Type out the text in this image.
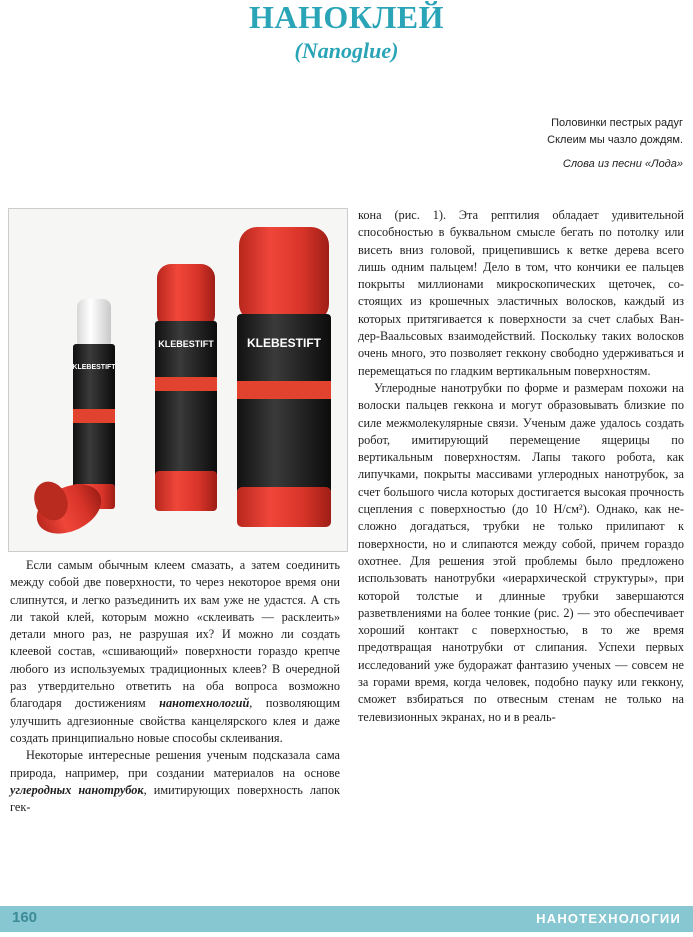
НАНОКЛЕЙ
(Nanoglue)
Половинки пестрых радуг
Склеим мы чазло дождям.
Слова из песни «Лода»
KLEBESTIFT
KLEBESTIFT	KLEBESTIFT

Если самым обычным клеем смазать, а затем соединить между собой две поверхности, то через некоторое время они слипнутся, и легко разъединить их вам уже не удастся. А сть ли такой клей, которым можно «склеивать — расклеить» детали много раз, не разрушая их? И можно ли создать клеевой состав, «сшивающий» поверхности гораздо крепче любого из используемых традиционных клеев? В очередной раз утвердительно ответить на оба вопроса возможно благодаря достижениям нанотехнологий, позволяющим улучшить адгезионные свойства канцелярского клея и даже создать принципиально новые способы склеивания.

Некоторые интересные решения ученым подсказала сама природа, например, при создании материалов на основе углеродных нанотрубок, имитирующих поверхность лапок гек-

кона (рис. 1). Эта рептилия обладает удивительной способностью в буквальном смысле бегать по потолку или висеть вниз головой, прицепившись к ветке дерева всего лишь одним пальцем! Дело в том, что кончики ее пальцев покрыты миллионами микроскопических щеточек, состоящих из крошечных эластичных волосков, каждый из которых притягивается к поверхности за счет слабых Ван-дер-Ваальсовых взаимодействий. Поскольку таких волосков очень много, это позволяет геккону свободно удерживаться и перемещаться по гладким вертикальным поверхностям.

Углеродные нанотрубки по форме и размерам похожи на волоски пальцев геккона и могут образовывать близкие по силе межмолекулярные связи. Ученым даже удалось создать робот, имитирующий перемещение ящерицы по вертикальным поверхностям. Лапы такого робота, как липучками, покрыты массивами углеродных нанотрубок, за счет большого числа которых достигается высокая прочность сцепления с поверхностью (до 10 Н/см²). Однако, как несложно догадаться, трубки не только прилипают к поверхности, но и слипаются между собой, причем гораздо охотнее. Для решения этой проблемы было предложено использовать нанотрубки «иерархической структуры», при которой толстые и длинные трубки завершаются разветвлениями на более тонкие (рис. 2) — это обеспечивает хороший контакт с поверхностью, в то же время предотвращая нанотрубки от слипания. Успехи первых исследований уже будоражат фантазию ученых — совсем не за горами время, когда человек, подобно пауку или геккону, сможет взбираться по отвесным стенам не только на телевизионных экранах, но и в реаль-

160	НАНОТЕХНОЛОГИИ
